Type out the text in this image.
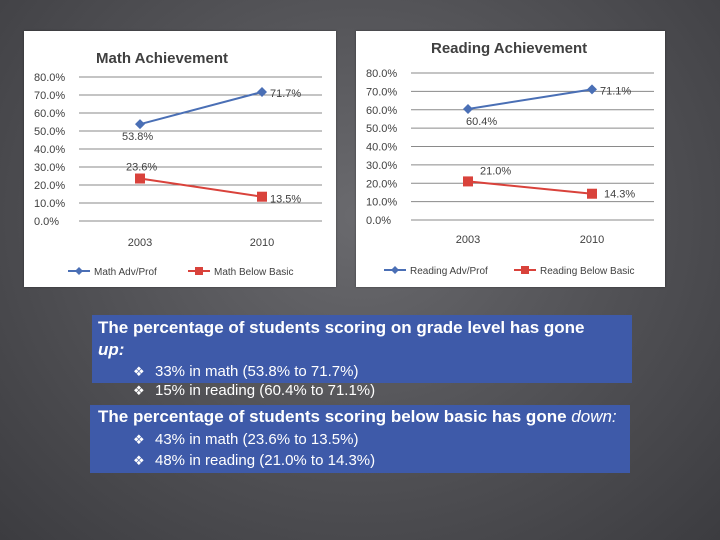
Math Achievement
0.0%
10.0%
20.0%
30.0%
40.0%
50.0%
60.0%
70.0%
80.0%
2003	2010
53.8%
71.7%
23.6%
13.5%
Math Adv/Prof	Math Below Basic
Reading Achievement
0.0%
10.0%
20.0%
30.0%
40.0%
50.0%
60.0%
70.0%
80.0%
2003	2010
60.4%
71.1%
21.0%
14.3%
Reading Adv/Prof	Reading Below Basic
The percentage of students scoring on grade level has gone
up:
❖ 33% in math (53.8% to 71.7%)
❖ 15% in reading (60.4% to 71.1%)
The percentage of students scoring below basic has gone down:
❖ 43% in math (23.6% to 13.5%)
❖ 48% in reading (21.0% to 14.3%)
